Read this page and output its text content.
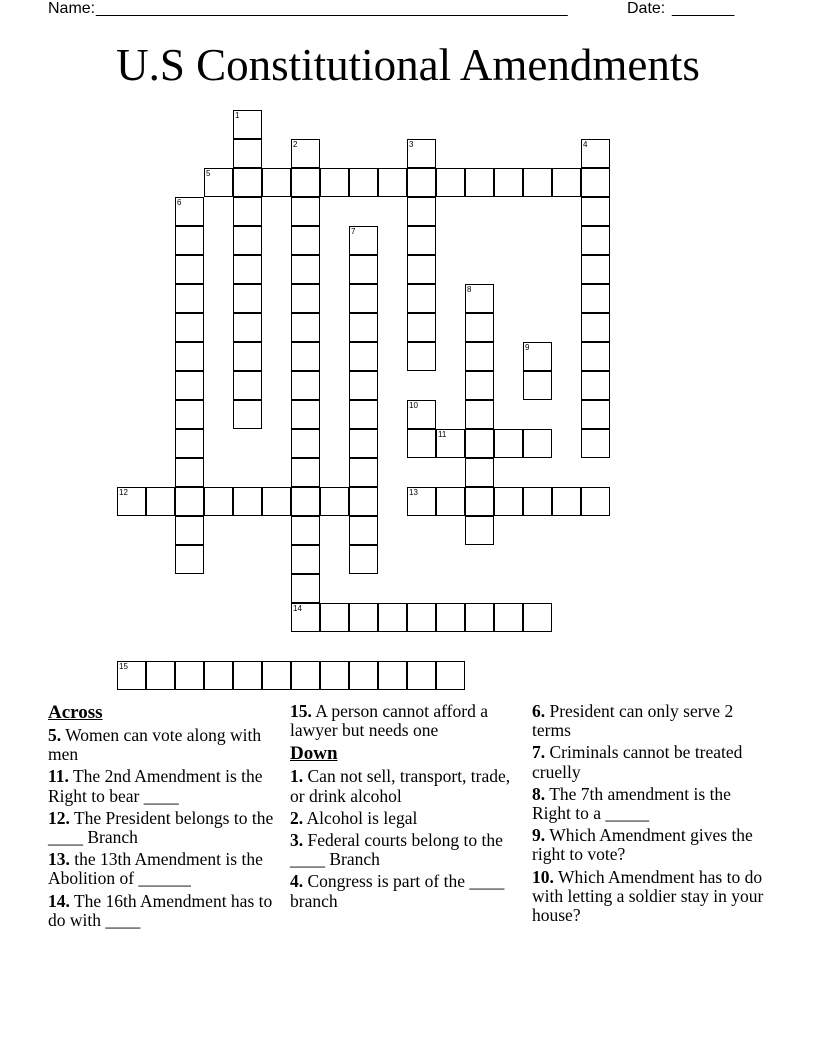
Name: _____________________________________________________	Date: _______
U.S Constitutional Amendments
1
2	3	4
5
6
7
8
9
10
11
12	13
14
15
Across

5. Women can vote along with men

11. The 2nd Amendment is the Right to bear ____

12. The President belongs to the ____ Branch

13. the 13th Amendment is the Abolition of ______

14. The 16th Amendment has to do with ____

15. A person cannot afford a lawyer but needs one

Down

1. Can not sell, transport, trade, or drink alcohol

2. Alcohol is legal

3. Federal courts belong to the ____ Branch

4. Congress is part of the ____ branch

6. President can only serve 2 terms

7. Criminals cannot be treated cruelly

8. The 7th amendment is the Right to a _____

9. Which Amendment gives the right to vote?

10. Which Amendment has to do with letting a soldier stay in your house?
